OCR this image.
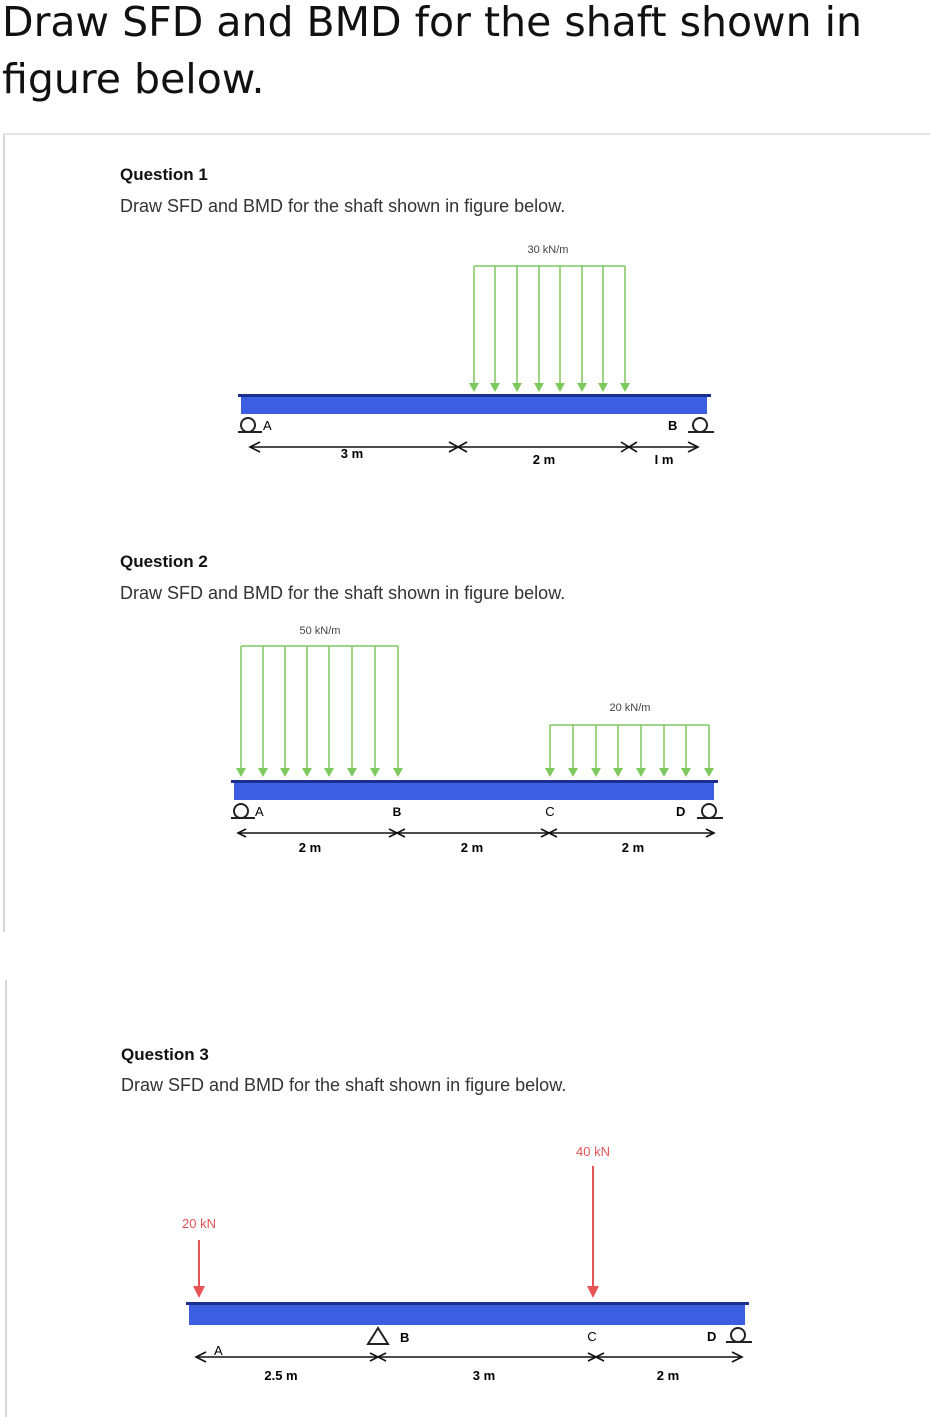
Draw SFD and BMD for the shaft shown in figure below.
Question 1
Draw SFD and BMD for the shaft shown in figure below.
Question 2
Draw SFD and BMD for the shaft shown in figure below.
Question 3
Draw SFD and BMD for the shaft shown in figure below.
30 kN/m
A	B
3 m	2 m	I m
50 kN/m
20 kN/m
A	B	C	D
2 m	2 m	2 m
40 kN
20 kN
A
B	C	D
2.5 m	3 m	2 m
